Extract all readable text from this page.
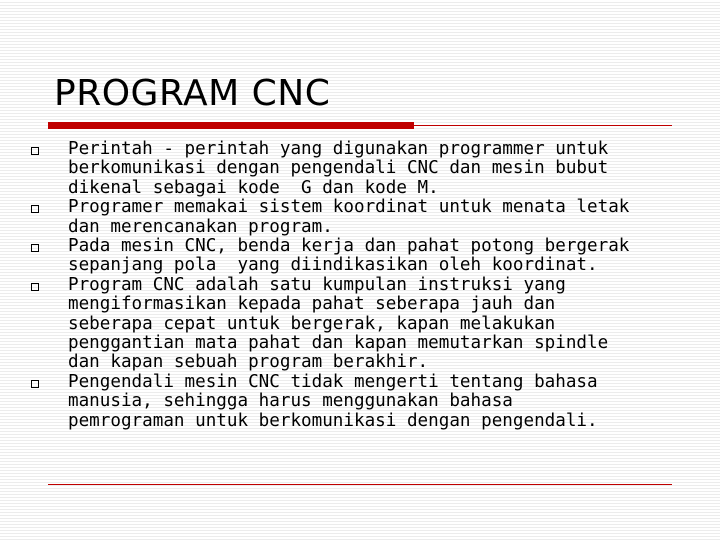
PROGRAM CNC
Perintah - perintah yang digunakan programmer untuk
berkomunikasi dengan pengendali CNC dan mesin bubut
dikenal sebagai kode  G dan kode M.
Programer memakai sistem koordinat untuk menata letak
dan merencanakan program.
Pada mesin CNC, benda kerja dan pahat potong bergerak
sepanjang pola  yang diindikasikan oleh koordinat.
Program CNC adalah satu kumpulan instruksi yang
mengiformasikan kepada pahat seberapa jauh dan
seberapa cepat untuk bergerak, kapan melakukan
penggantian mata pahat dan kapan memutarkan spindle
dan kapan sebuah program berakhir.
Pengendali mesin CNC tidak mengerti tentang bahasa
manusia, sehingga harus menggunakan bahasa
pemrograman untuk berkomunikasi dengan pengendali.
